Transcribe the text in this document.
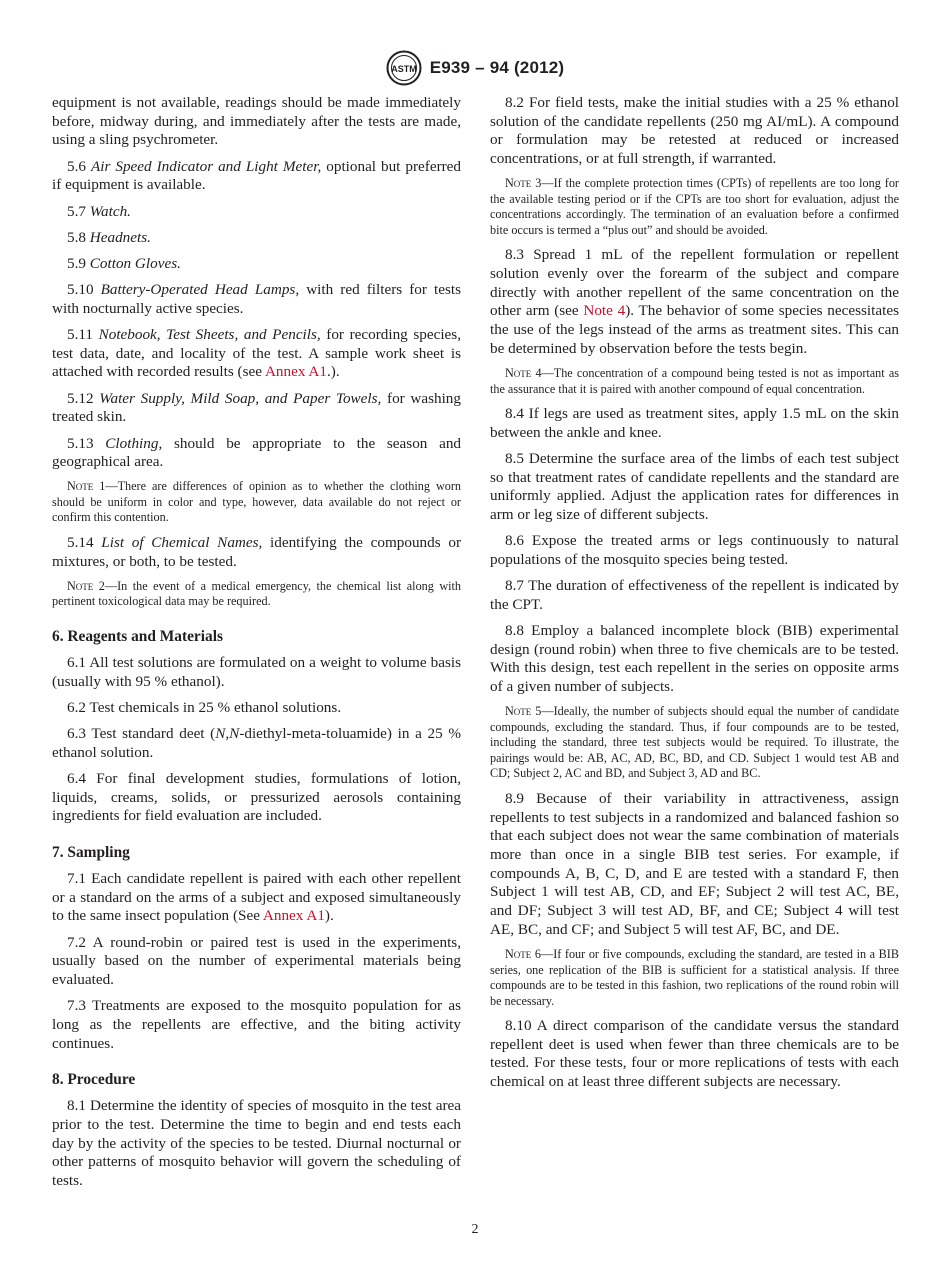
ASTM E939 – 94 (2012)

equipment is not available, readings should be made immediately before, midway during, and immediately after the tests are made, using a sling psychrometer.

5.6 Air Speed Indicator and Light Meter, optional but preferred if equipment is available.

5.7 Watch.

5.8 Headnets.

5.9 Cotton Gloves.

5.10 Battery-Operated Head Lamps, with red filters for tests with nocturnally active species.

5.11 Notebook, Test Sheets, and Pencils, for recording species, test data, date, and locality of the test. A sample work sheet is attached with recorded results (see Annex A1.).

5.12 Water Supply, Mild Soap, and Paper Towels, for washing treated skin.

5.13 Clothing, should be appropriate to the season and geographical area.

Note 1—There are differences of opinion as to whether the clothing worn should be uniform in color and type, however, data available do not reject or confirm this contention.

5.14 List of Chemical Names, identifying the compounds or mixtures, or both, to be tested.

Note 2—In the event of a medical emergency, the chemical list along with pertinent toxicological data may be required.

6. Reagents and Materials

6.1 All test solutions are formulated on a weight to volume basis (usually with 95 % ethanol).

6.2 Test chemicals in 25 % ethanol solutions.

6.3 Test standard deet (N,N-diethyl-meta-toluamide) in a 25 % ethanol solution.

6.4 For final development studies, formulations of lotion, liquids, creams, solids, or pressurized aerosols containing ingredients for field evaluation are included.

7. Sampling

7.1 Each candidate repellent is paired with each other repellent or a standard on the arms of a subject and exposed simultaneously to the same insect population (See Annex A1).

7.2 A round-robin or paired test is used in the experiments, usually based on the number of experimental materials being evaluated.

7.3 Treatments are exposed to the mosquito population for as long as the repellents are effective, and the biting activity continues.

8. Procedure

8.1 Determine the identity of species of mosquito in the test area prior to the test. Determine the time to begin and end tests each day by the activity of the species to be tested. Diurnal nocturnal or other patterns of mosquito behavior will govern the scheduling of tests.

8.2 For field tests, make the initial studies with a 25 % ethanol solution of the candidate repellents (250 mg AI/mL). A compound or formulation may be retested at reduced or increased concentrations, or at full strength, if warranted.

Note 3—If the complete protection times (CPTs) of repellents are too long for the available testing period or if the CPTs are too short for evaluation, adjust the concentrations accordingly. The termination of an evaluation before a confirmed bite occurs is termed a “plus out” and should be avoided.

8.3 Spread 1 mL of the repellent formulation or repellent solution evenly over the forearm of the subject and compare directly with another repellent of the same concentration on the other arm (see Note 4). The behavior of some species necessitates the use of the legs instead of the arms as treatment sites. This can be determined by observation before the tests begin.

Note 4—The concentration of a compound being tested is not as important as the assurance that it is paired with another compound of equal concentration.

8.4 If legs are used as treatment sites, apply 1.5 mL on the skin between the ankle and knee.

8.5 Determine the surface area of the limbs of each test subject so that treatment rates of candidate repellents and the standard are uniformly applied. Adjust the application rates for differences in arm or leg size of different subjects.

8.6 Expose the treated arms or legs continuously to natural populations of the mosquito species being tested.

8.7 The duration of effectiveness of the repellent is indicated by the CPT.

8.8 Employ a balanced incomplete block (BIB) experimental design (round robin) when three to five chemicals are to be tested. With this design, test each repellent in the series on opposite arms of a given number of subjects.

Note 5—Ideally, the number of subjects should equal the number of candidate compounds, excluding the standard. Thus, if four compounds are to be tested, including the standard, three test subjects would be required. To illustrate, the pairings would be: AB, AC, AD, BC, BD, and CD. Subject 1 would test AB and CD; Subject 2, AC and BD, and Subject 3, AD and BC.

8.9 Because of their variability in attractiveness, assign repellents to test subjects in a randomized and balanced fashion so that each subject does not wear the same combination of materials more than once in a single BIB test series. For example, if compounds A, B, C, D, and E are tested with a standard F, then Subject 1 will test AB, CD, and EF; Subject 2 will test AC, BE, and DF; Subject 3 will test AD, BF, and CE; Subject 4 will test AE, BC, and CF; and Subject 5 will test AF, BC, and DE.

Note 6—If four or five compounds, excluding the standard, are tested in a BIB series, one replication of the BIB is sufficient for a statistical analysis. If three compounds are to be tested in this fashion, two replications of the round robin will be necessary.

8.10 A direct comparison of the candidate versus the standard repellent deet is used when fewer than three chemicals are to be tested. For these tests, four or more replications of tests with each chemical on at least three different subjects are necessary.

2
